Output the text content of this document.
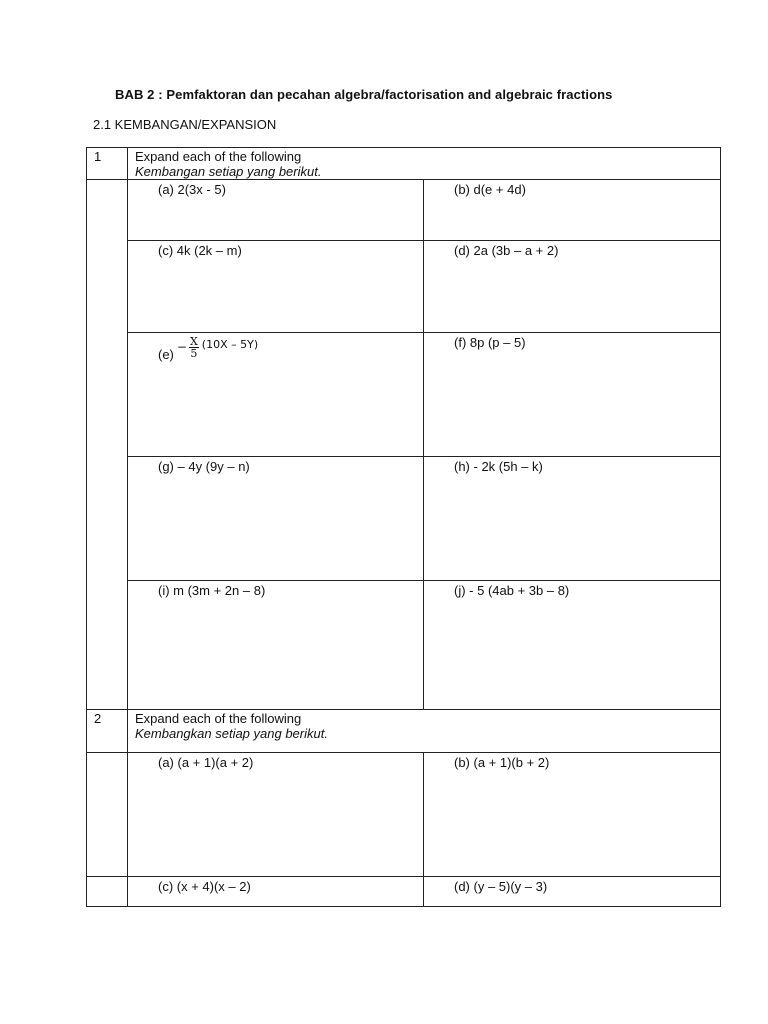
BAB 2 : Pemfaktoran dan pecahan algebra/factorisation and algebraic fractions
2.1 KEMBANGAN/EXPANSION
1	Expand each of the following
Kembangan setiap yang berikut.	

	(a) 2(3x - 5)	(b) d(e + 4d)
	(c) 4k (2k – m)	(d) 2a (3b – a + 2)

	$(e) - \frac{X}{5} (10X - 5Y)$	(f) 8p (p – 5)
	(g) – 4y (9y – n)	(h) - 2k (5h – k)
	(i) m (3m + 2n – 8)	(j) - 5 (4ab + 3b – 8)
2	Expand each of the following
Kembangkan setiap yang berikut.	

	(a) (a + 1)(a + 2)	(b) (a + 1)(b + 2)
	(c) (x + 4)(x – 2)	(d) (y – 5)(y – 3)
